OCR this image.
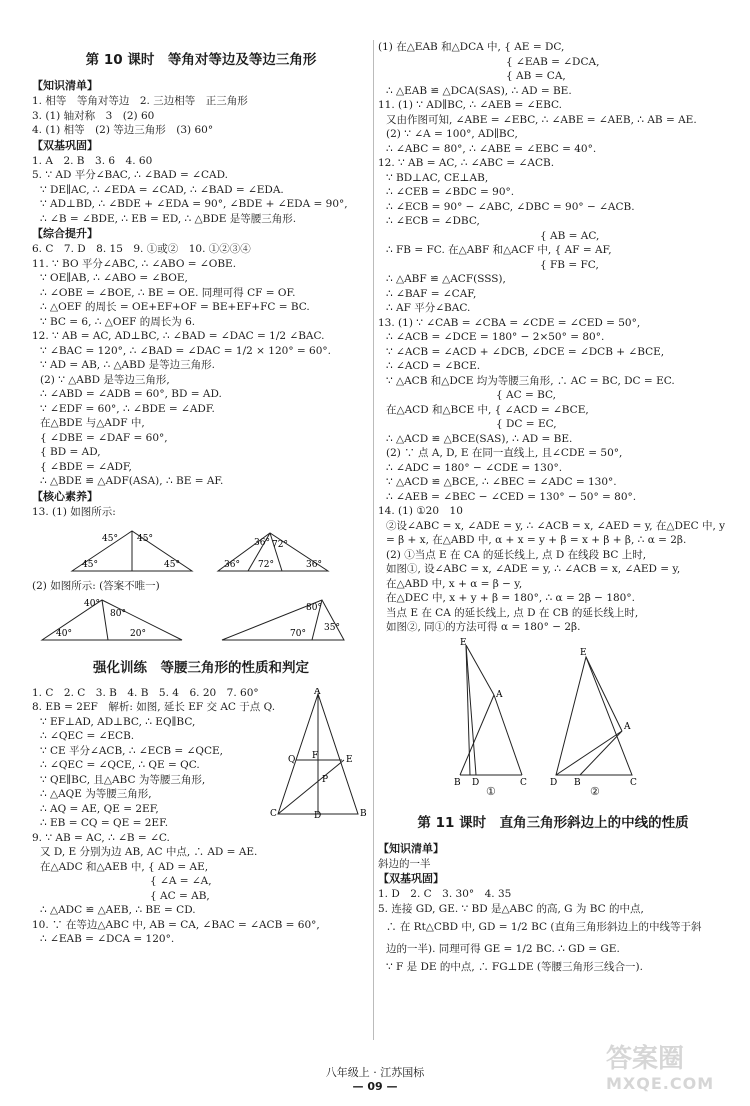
第 10 课时　等角对等边及等边三角形
【知识清单】
1. 相等　等角对等边　2. 三边相等　正三角形
3. (1) 轴对称　3　(2) 60
4. (1) 相等　(2) 等边三角形　(3) 60°
【双基巩固】
1. A　2. B　3. 6　4. 60
5. ∵ AD 平分∠BAC, ∴ ∠BAD = ∠CAD.
∵ DE∥AC, ∴ ∠EDA = ∠CAD, ∴ ∠BAD = ∠EDA.
∵ AD⊥BD, ∴ ∠BDE + ∠EDA = 90°, ∠BDE + ∠EDA = 90°,
∴ ∠B = ∠BDE, ∴ EB = ED, ∴ △BDE 是等腰三角形.
【综合提升】
6. C　7. D　8. 15　9. ①或②　10. ①②③④
11. ∵ BO 平分∠ABC, ∴ ∠ABO = ∠OBE.
∵ OE∥AB, ∴ ∠ABO = ∠BOE,
∴ ∠OBE = ∠BOE, ∴ BE = OE. 同理可得 CF = OF.
∴ △OEF 的周长 = OE+EF+OF = BE+EF+FC = BC.
∵ BC = 6, ∴ △OEF 的周长为 6.
12. ∵ AB = AC, AD⊥BC, ∴ ∠BAD = ∠DAC = 1/2 ∠BAC.
∵ ∠BAC = 120°, ∴ ∠BAD = ∠DAC = 1/2 × 120° = 60°.
∵ AD = AB, ∴ △ABD 是等边三角形.
(2) ∵ △ABD 是等边三角形,
∴ ∠ABD = ∠ADB = 60°, BD = AD.
∵ ∠EDF = 60°, ∴ ∠BDE = ∠ADF.
在△BDE 与△ADF 中,
{ ∠DBE = ∠DAF = 60°,
{ BD = AD,
{ ∠BDE = ∠ADF,
∴ △BDE ≌ △ADF(ASA), ∴ BE = AF.
【核心素养】
13. (1) 如图所示:
45° 45°
45°	45°
36° 72°
36° 72°	36°
(2) 如图所示: (答案不唯一)
40°
80°
40°	20°
80°
70°
35°
强化训练　等腰三角形的性质和判定
1. C　2. C　3. B　4. B　5. 4　6. 20　7. 60°
8. EB = 2EF　解析: 如图, 延长 EF 交 AC 于点 Q.
∵ EF⊥AD, AD⊥BC, ∴ EQ∥BC,
∴ ∠QEC = ∠ECB.
∵ CE 平分∠ACB, ∴ ∠ECB = ∠QCE,
∴ ∠QEC = ∠QCE, ∴ QE = QC.
∵ QE∥BC, 且△ABC 为等腰三角形,
∴ △AQE 为等腰三角形,
∴ AQ = AE, QE = 2EF,
∴ EB = CQ = QE = 2EF.
A
Q F	E
P
C	D	B
9. ∵ AB = AC, ∴ ∠B = ∠C.
又 D, E 分别为边 AB, AC 中点, ∴ AD = AE.
在△ADC 和△AEB 中, { AD = AE,
{ ∠A = ∠A,
{ AC = AB,
∴ △ADC ≌ △AEB, ∴ BE = CD.
10. ∵ 在等边△ABC 中, AB = CA, ∠BAC = ∠ACB = 60°,
∴ ∠EAB = ∠DCA = 120°.
(1) 在△EAB 和△DCA 中, { AE = DC,
{ ∠EAB = ∠DCA,
{ AB = CA,
∴ △EAB ≌ △DCA(SAS), ∴ AD = BE.
11. (1) ∵ AD∥BC, ∴ ∠AEB = ∠EBC.
又由作图可知, ∠ABE = ∠EBC, ∴ ∠ABE = ∠AEB, ∴ AB = AE.
(2) ∵ ∠A = 100°, AD∥BC,
∴ ∠ABC = 80°, ∴ ∠ABE = ∠EBC = 40°.
12. ∵ AB = AC, ∴ ∠ABC = ∠ACB.
∵ BD⊥AC, CE⊥AB,
∴ ∠CEB = ∠BDC = 90°.
∴ ∠ECB = 90° − ∠ABC, ∠DBC = 90° − ∠ACB.
∴ ∠ECB = ∠DBC,
{ AB = AC,
∴ FB = FC. 在△ABF 和△ACF 中, { AF = AF,
{ FB = FC,
∴ △ABF ≌ △ACF(SSS),
∴ ∠BAF = ∠CAF,
∴ AF 平分∠BAC.
13. (1) ∵ ∠CAB = ∠CBA = ∠CDE = ∠CED = 50°,
∴ ∠ACB = ∠DCE = 180° − 2×50° = 80°.
∵ ∠ACB = ∠ACD + ∠DCB, ∠DCE = ∠DCB + ∠BCE,
∴ ∠ACD = ∠BCE.
∵ △ACB 和△DCE 均为等腰三角形, ∴ AC = BC, DC = EC.
{ AC = BC,
在△ACD 和△BCE 中, { ∠ACD = ∠BCE,
{ DC = EC,
∴ △ACD ≌ △BCE(SAS), ∴ AD = BE.
(2) ∵ 点 A, D, E 在同一直线上, 且∠CDE = 50°,
∴ ∠ADC = 180° − ∠CDE = 130°.
∵ △ACD ≌ △BCE, ∴ ∠BEC = ∠ADC = 130°.
∴ ∠AEB = ∠BEC − ∠CED = 130° − 50° = 80°.
14. (1) ①20　10
②设∠ABC = x, ∠ADE = y, ∴ ∠ACB = x, ∠AED = y, 在△DEC 中, y
= β + x, 在△ABD 中, α + x = y + β = x + β + β, ∴ α = 2β.
(2) ①当点 E 在 CA 的延长线上, 点 D 在线段 BC 上时,
如图①, 设∠ABC = x, ∠ADE = y, ∴ ∠ACB = x, ∠AED = y,
在△ABD 中, x + α = β − y,
在△DEC 中, x + y + β = 180°, ∴ α = 2β − 180°.
当点 E 在 CA 的延长线上, 点 D 在 CB 的延长线上时,
如图②, 同①的方法可得 α = 180° − 2β.
E
A
B D	C
E
A
D B	C
①	②
第 11 课时　直角三角形斜边上的中线的性质
【知识清单】
斜边的一半
【双基巩固】
1. D　2. C　3. 30°　4. 35
5. 连接 GD, GE. ∵ BD 是△ABC 的高, G 为 BC 的中点,
∴ 在 Rt△CBD 中, GD = 1/2 BC (直角三角形斜边上的中线等于斜
边的一半). 同理可得 GE = 1/2 BC. ∴ GD = GE.
∵ F 是 DE 的中点, ∴ FG⊥DE (等腰三角形三线合一).
八年级上 · 江苏国标
— 09 —
答案圈
MXQE.COM
